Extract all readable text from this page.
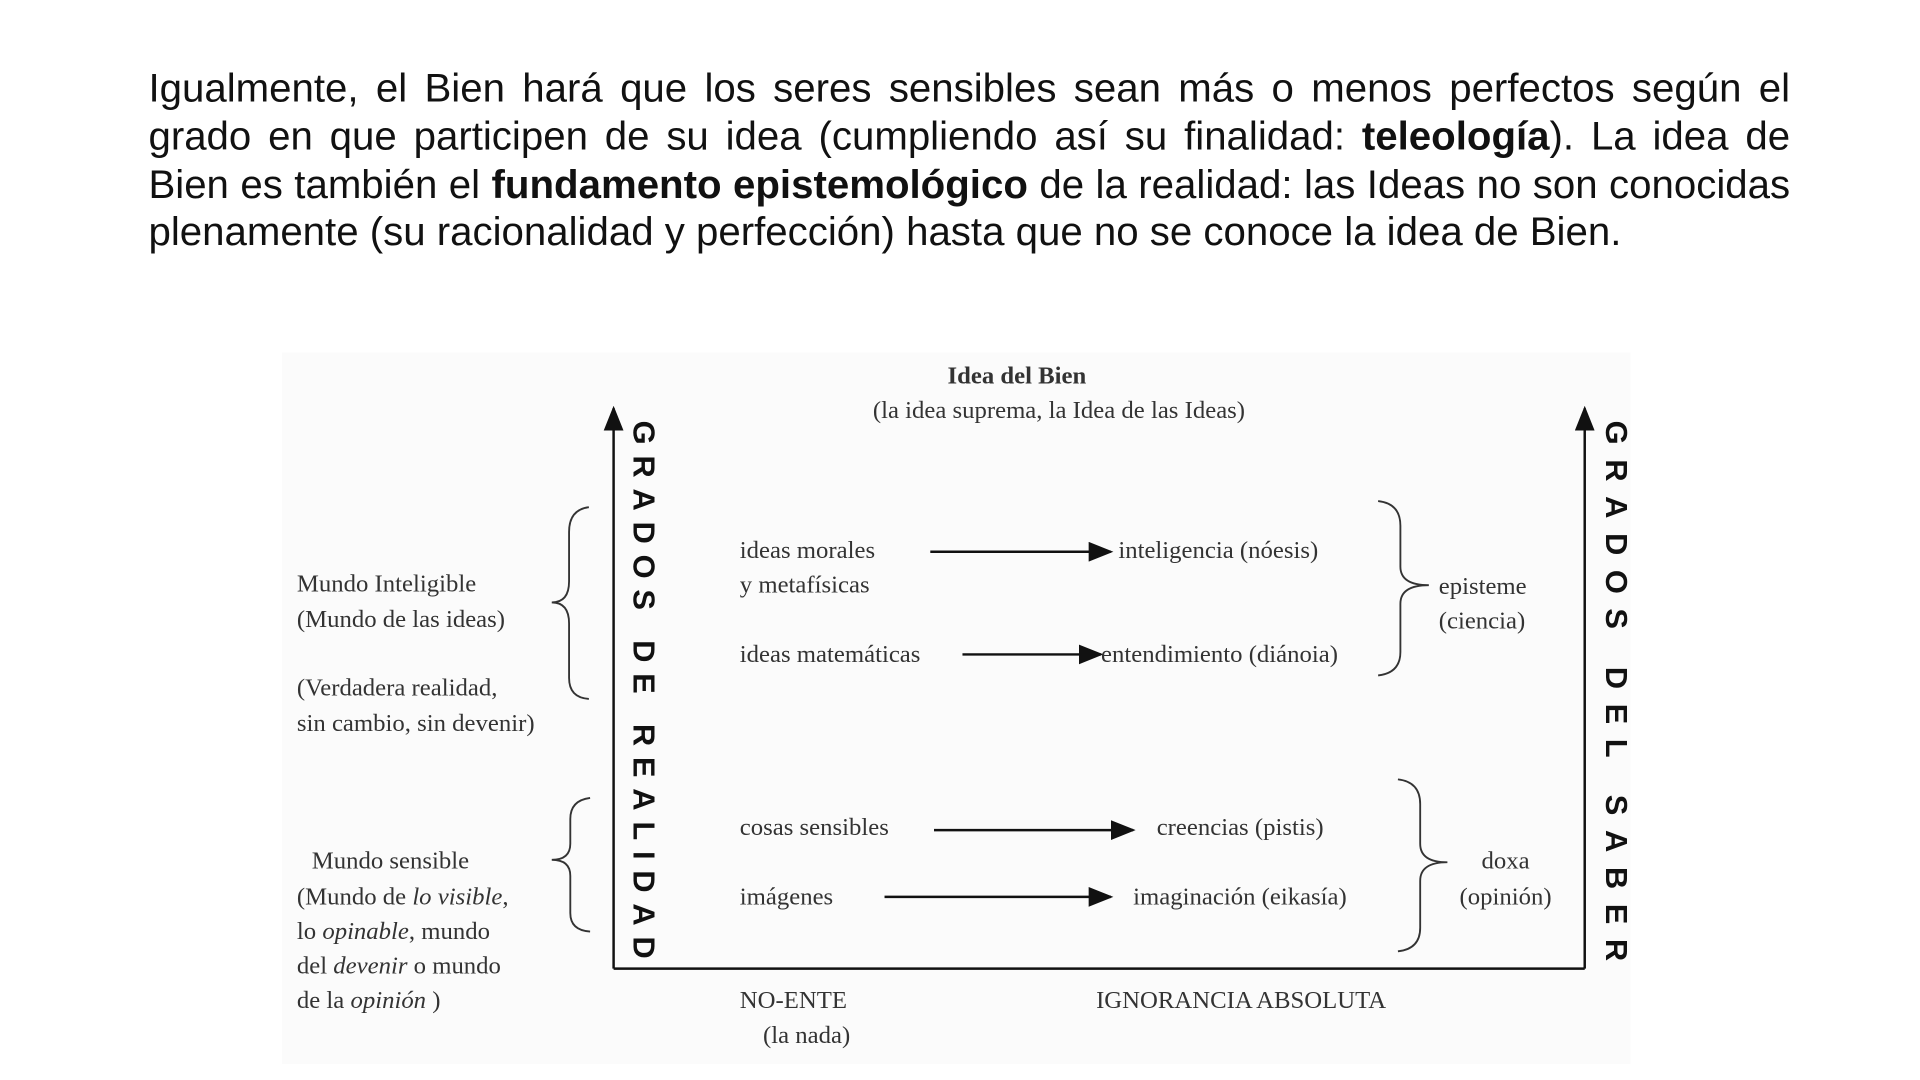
Igualmente, el Bien hará que los seres sensibles sean más o menos perfectos según el grado en que participen de su idea (cumpliendo así su finalidad: teleología). La idea de Bien es también el fundamento epistemológico de la realidad: las Ideas no son conocidas plenamente (su racionalidad y perfección) hasta que no se conoce la idea de Bien.
Idea del Bien
(la idea suprema, la Idea de las Ideas)
GRADOS DE REALIDAD
GRADOS DEL SABER
Mundo Inteligible
(Mundo de las ideas)
(Verdadera realidad,
sin cambio, sin devenir)
Mundo sensible
(Mundo de lo visible,
lo opinable, mundo
del devenir o mundo
de la opinión )
ideas morales
y metafísicas
inteligencia (nóesis)
ideas matemáticas	entendimiento (diánoia)
episteme
(ciencia)
cosas sensibles	creencias (pistis)
imágenes	imaginación (eikasía)
doxa
(opinión)
NO-ENTE
(la nada)
IGNORANCIA ABSOLUTA
